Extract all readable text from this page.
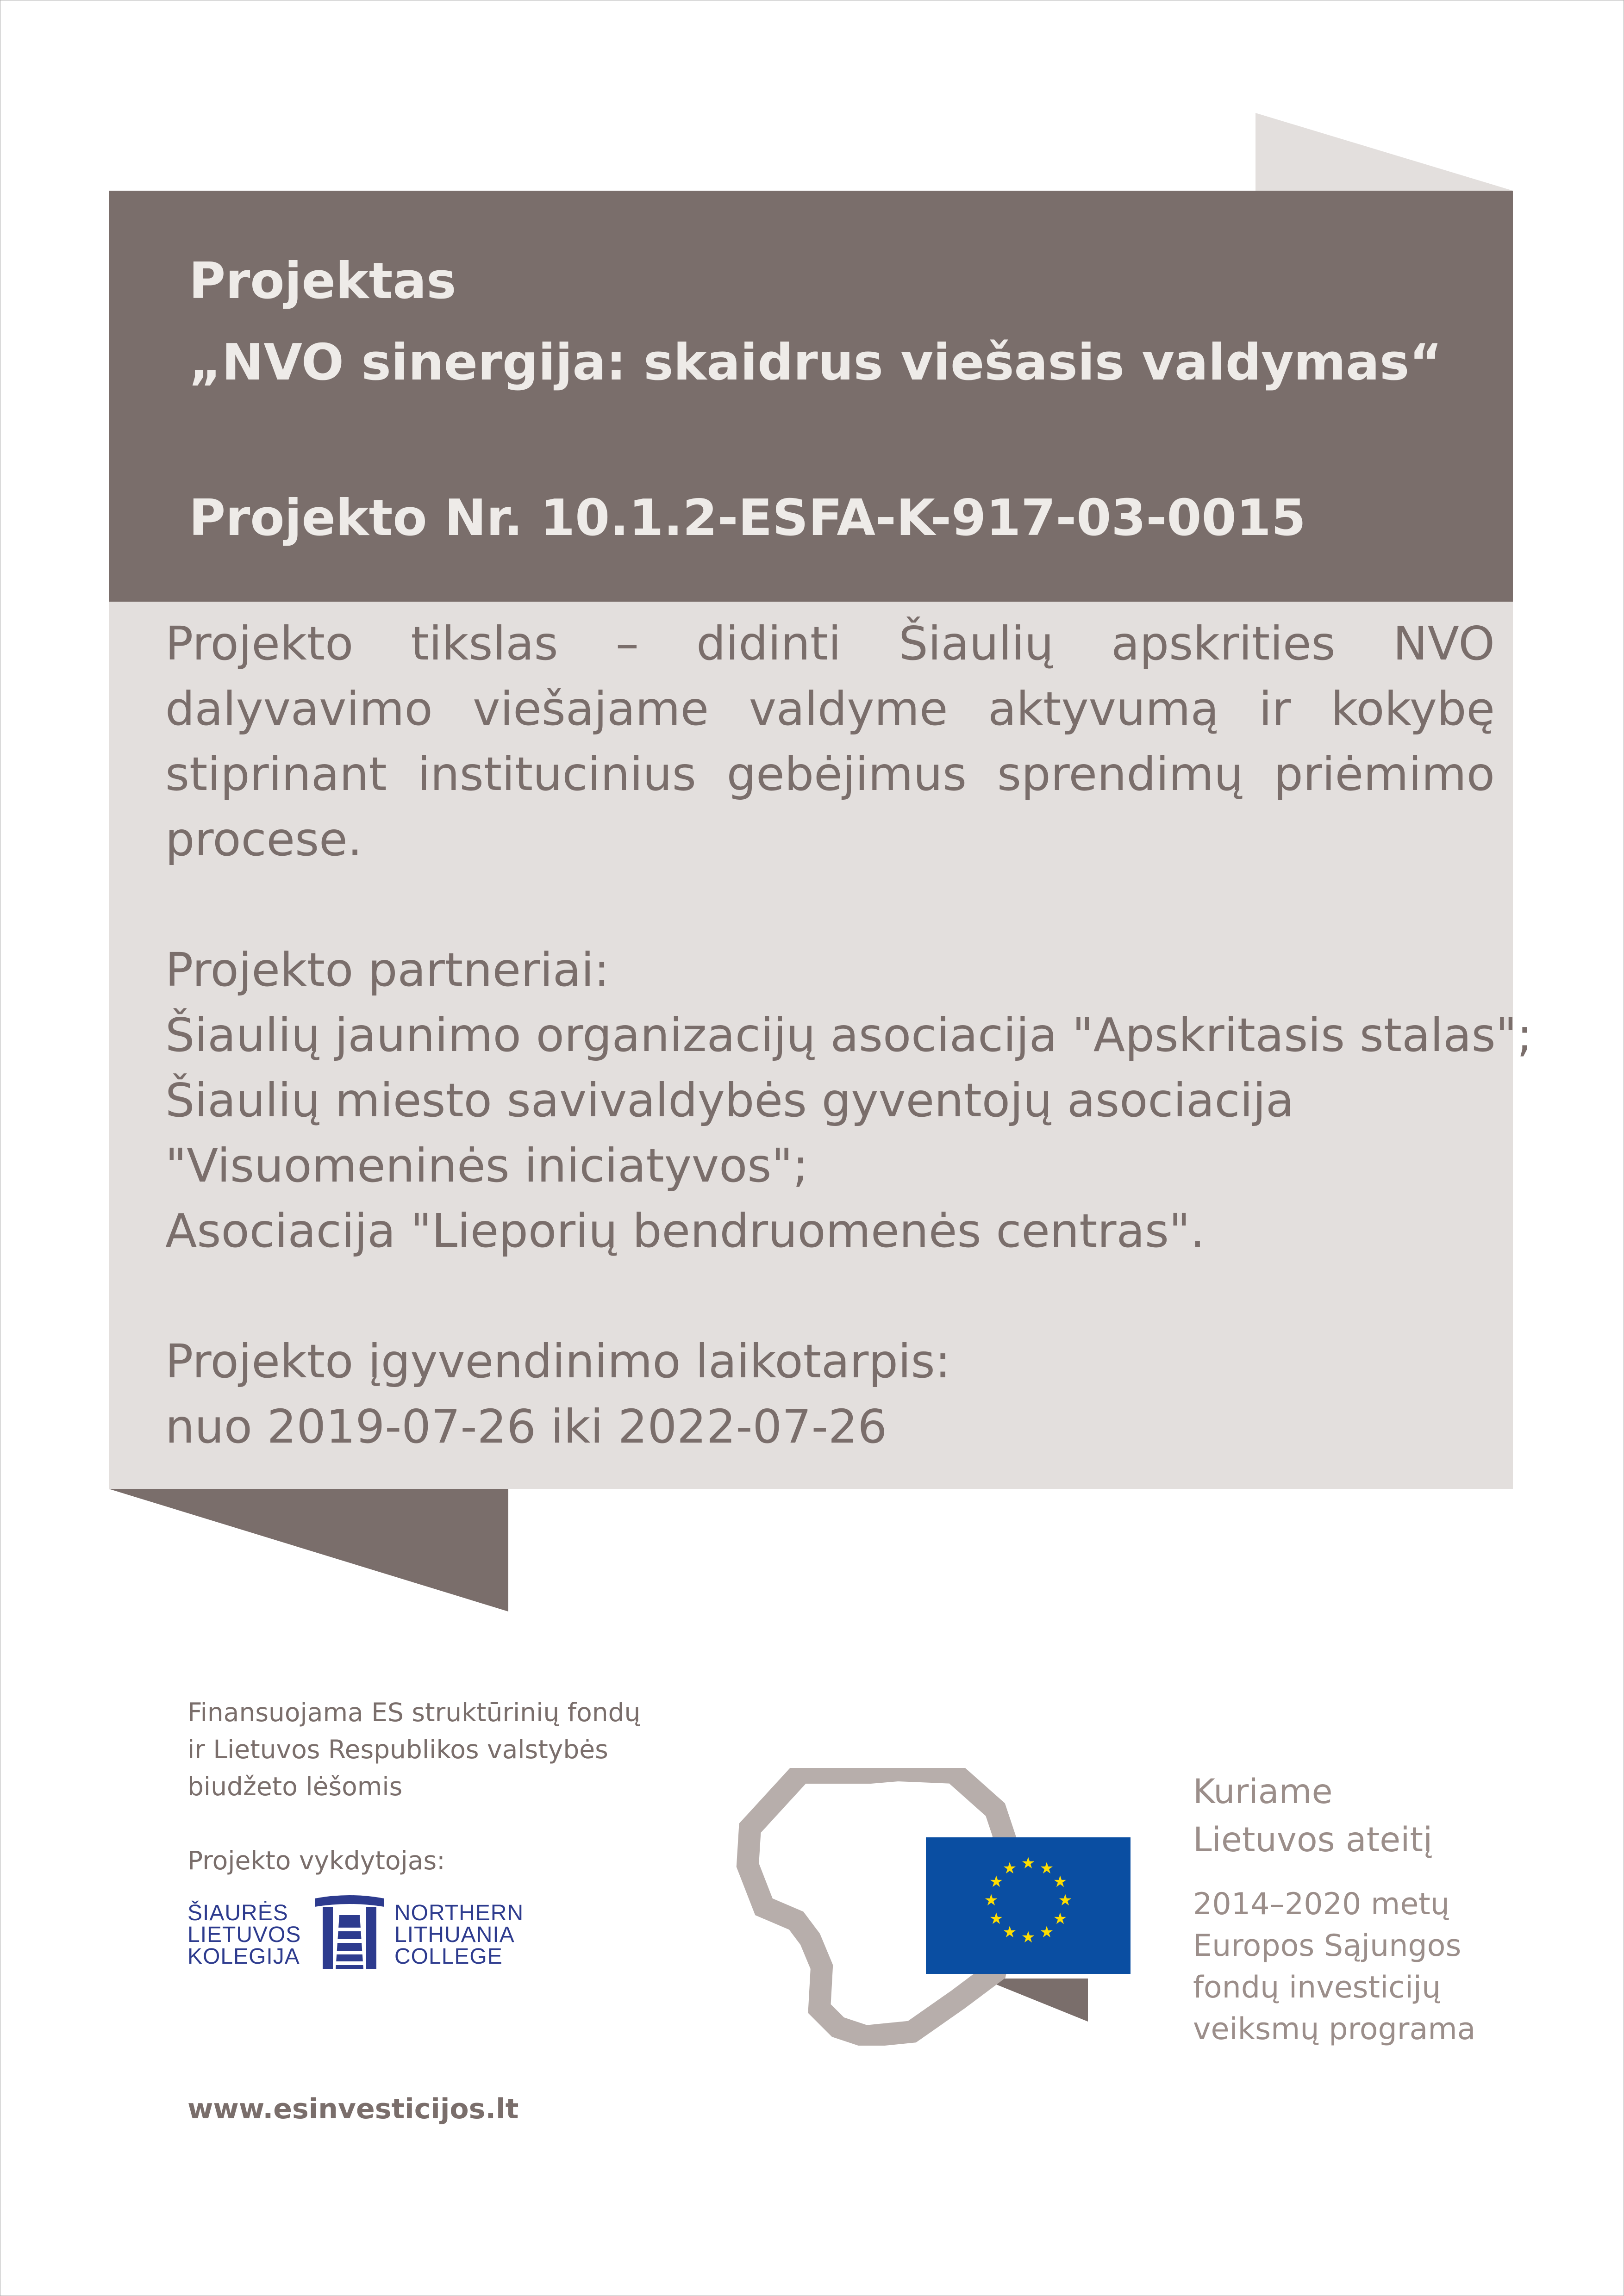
Projektas
„NVO sinergija: skaidrus viešasis valdymas“
Projekto Nr. 10.1.2-ESFA-K-917-03-0015
Projekto tikslas – didinti Šiaulių apskrities NVO dalyvavimo viešajame valdyme aktyvumą ir kokybę stiprinant institucinius gebėjimus sprendimų priėmimo procese.
Projekto partneriai:
Šiaulių jaunimo organizacijų asociacija "Apskritasis stalas";
Šiaulių miesto savivaldybės gyventojų asociacija
"Visuomeninės iniciatyvos";
Asociacija "Lieporių bendruomenės centras".
Projekto įgyvendinimo laikotarpis:
nuo 2019-07-26 iki 2022-07-26
Finansuojama ES struktūrinių fondų
ir Lietuvos Respublikos valstybės
biudžeto lėšomis
Projekto vykdytojas:
ŠIAURĖS
LIETUVOS
KOLEGIJA
NORTHERN
LITHUANIA
COLLEGE
www.esinvesticijos.lt
★ ★
★
★
★
★
★
★
★
★
★
★
Kuriame
Lietuvos ateitį
2014–2020 metų
Europos Sąjungos
fondų investicijų
veiksmų programa
